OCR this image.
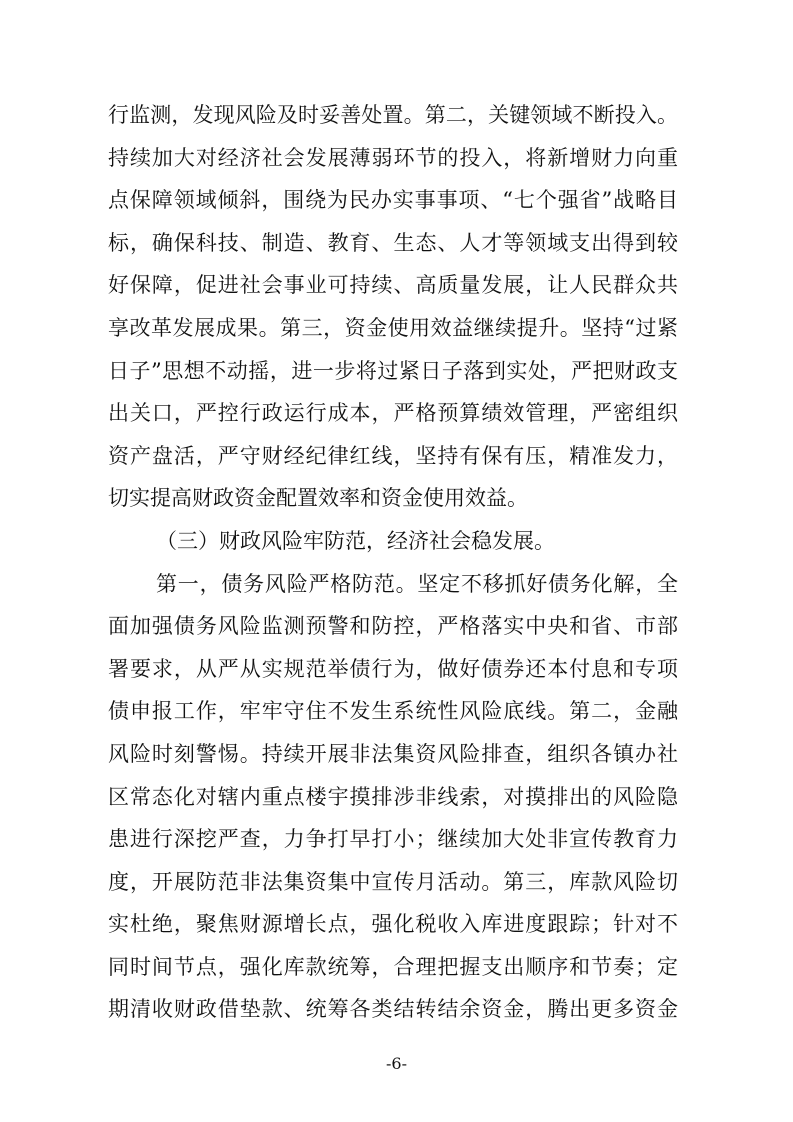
行监测，发现风险及时妥善处置。第二，关键领域不断投入。
持续加大对经济社会发展薄弱环节的投入，将新增财力向重
点保障领域倾斜，围绕为民办实事事项、“七个强省”战略目
标，确保科技、制造、教育、生态、人才等领域支出得到较
好保障，促进社会事业可持续、高质量发展，让人民群众共
享改革发展成果。第三，资金使用效益继续提升。坚持“过紧
日子”思想不动摇，进一步将过紧日子落到实处，严把财政支
出关口，严控行政运行成本，严格预算绩效管理，严密组织
资产盘活，严守财经纪律红线，坚持有保有压，精准发力，
切实提高财政资金配置效率和资金使用效益。
（三）财政风险牢防范，经济社会稳发展。
第一，债务风险严格防范。坚定不移抓好债务化解，全
面加强债务风险监测预警和防控，严格落实中央和省、市部
署要求，从严从实规范举债行为，做好债券还本付息和专项
债申报工作，牢牢守住不发生系统性风险底线。第二，金融
风险时刻警惕。持续开展非法集资风险排查，组织各镇办社
区常态化对辖内重点楼宇摸排涉非线索，对摸排出的风险隐
患进行深挖严查，力争打早打小；继续加大处非宣传教育力
度，开展防范非法集资集中宣传月活动。第三，库款风险切
实杜绝，聚焦财源增长点，强化税收入库进度跟踪；针对不
同时间节点，强化库款统筹，合理把握支出顺序和节奏；定
期清收财政借垫款、统筹各类结转结余资金，腾出更多资金
-6-
